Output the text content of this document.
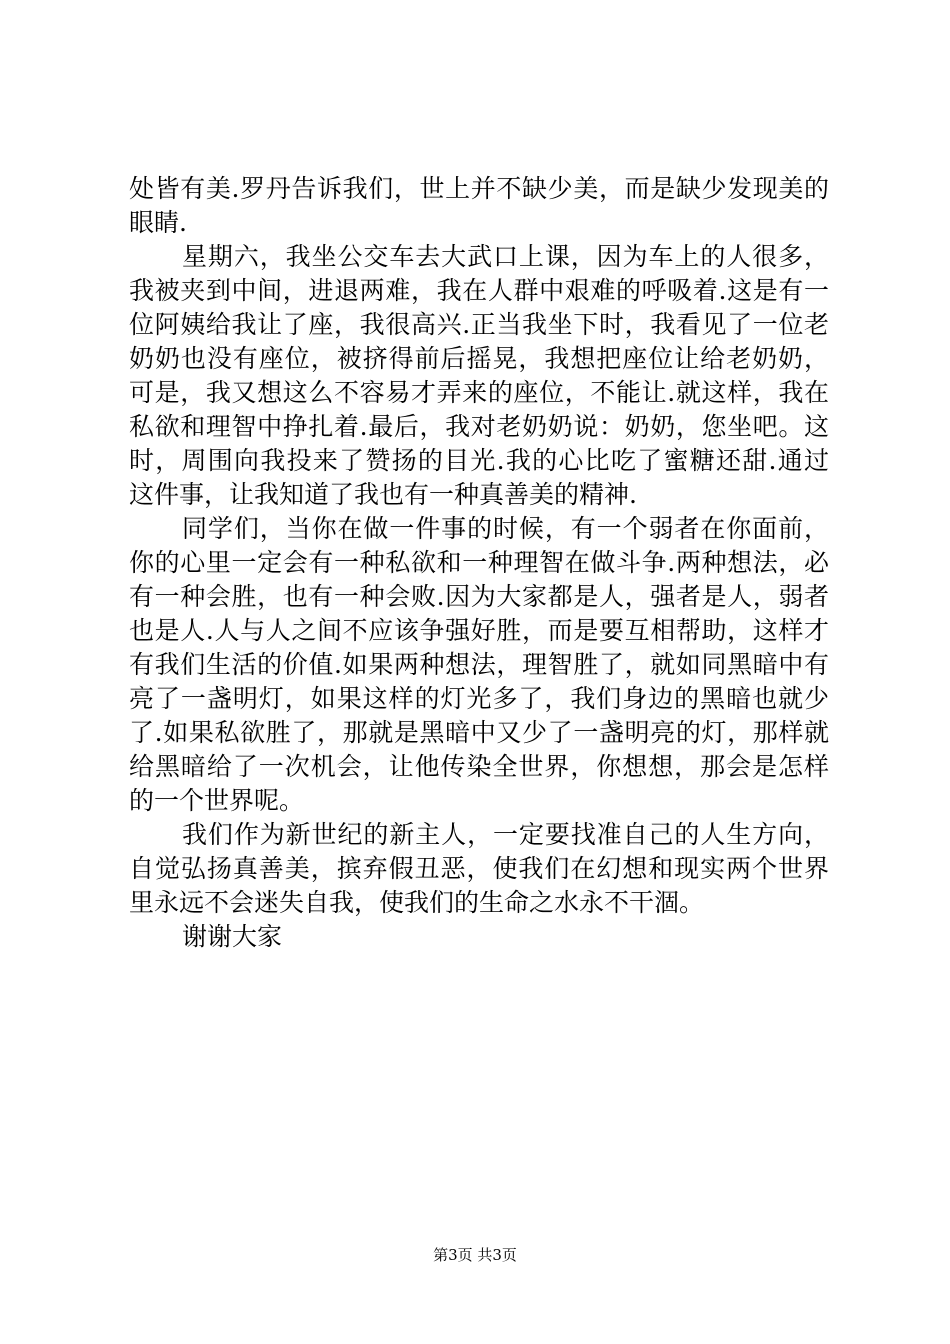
处皆有美.罗丹告诉我们，世上并不缺少美，而是缺少发现美的
眼睛.
星期六，我坐公交车去大武口上课，因为车上的人很多，
我被夹到中间，进退两难，我在人群中艰难的呼吸着.这是有一
位阿姨给我让了座，我很高兴.正当我坐下时，我看见了一位老
奶奶也没有座位，被挤得前后摇晃，我想把座位让给老奶奶，
可是，我又想这么不容易才弄来的座位，不能让.就这样，我在
私欲和理智中挣扎着.最后，我对老奶奶说：奶奶，您坐吧。这
时，周围向我投来了赞扬的目光.我的心比吃了蜜糖还甜.通过
这件事，让我知道了我也有一种真善美的精神.
同学们，当你在做一件事的时候，有一个弱者在你面前，
你的心里一定会有一种私欲和一种理智在做斗争.两种想法，必
有一种会胜，也有一种会败.因为大家都是人，强者是人，弱者
也是人.人与人之间不应该争强好胜，而是要互相帮助，这样才
有我们生活的价值.如果两种想法，理智胜了，就如同黑暗中有
亮了一盏明灯，如果这样的灯光多了，我们身边的黑暗也就少
了.如果私欲胜了，那就是黑暗中又少了一盏明亮的灯，那样就
给黑暗给了一次机会，让他传染全世界，你想想，那会是怎样
的一个世界呢。
我们作为新世纪的新主人，一定要找准自己的人生方向，
自觉弘扬真善美，摈弃假丑恶，使我们在幻想和现实两个世界
里永远不会迷失自我，使我们的生命之水永不干涸。
谢谢大家
第3页 共3页
